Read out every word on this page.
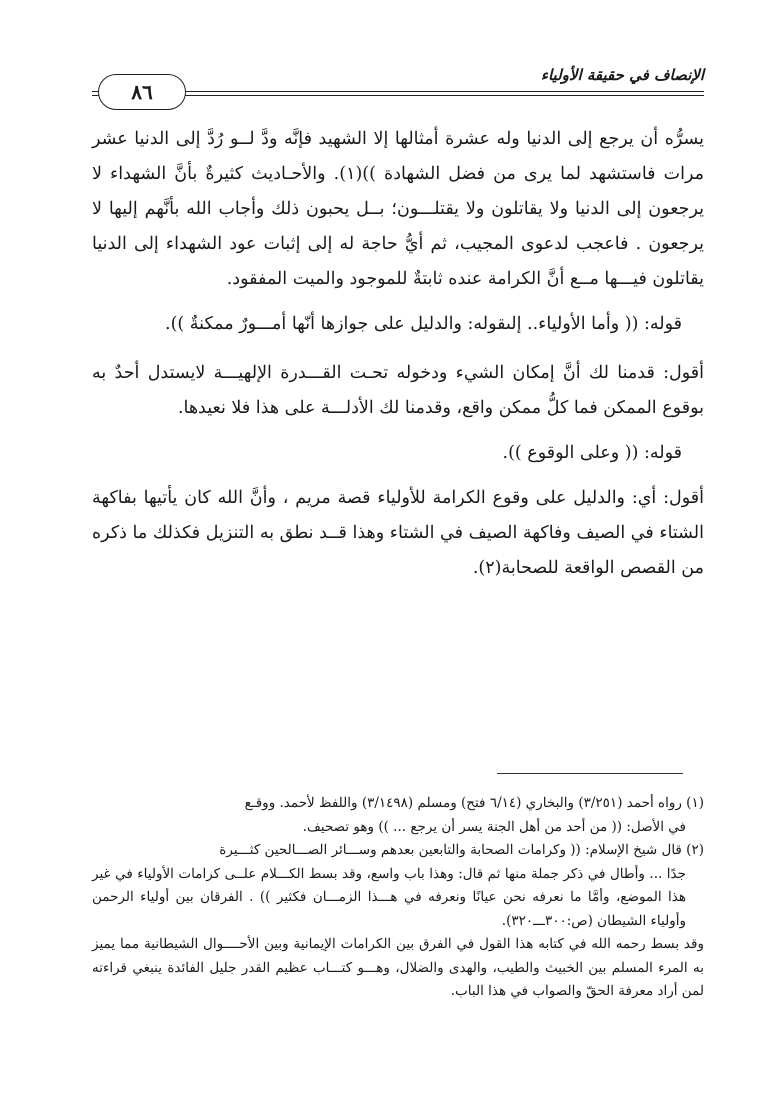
الإنصاف في حقيقة الأولياء
٨٦

يسرُّه أن يرجع إلى الدنيا وله عشرة أمثالها إلا الشهيد فإنَّه ودَّ لــو رُدَّ إلى الدنيا عشر مرات فاستشهد لما يرى من فضل الشهادة ))(١). والأحـاديث كثيرةٌ بأنَّ الشهداء لا يرجعون إلى الدنيا ولا يقاتلون ولا يقتلـــون؛ بــل يحبون ذلك وأجاب الله بأنَّهم إليها لا يرجعون . فاعجب لدعوى المجيب، ثم أيُّ حاجة له إلى إثبات عود الشهداء إلى الدنيا يقاتلون فيـــها مــع أنَّ الكرامة عنده ثابتةٌ للموجود والميت المفقود.

قوله: (( وأما الأولياء.. إلىقوله: والدليل على جوازها أنّها أمـــورٌ ممكنةٌ )).

أقول: قدمنا لك أنَّ إمكان الشيء ودخوله تحـت القـــدرة الإلهيـــة لايستدل أحدٌ به بوقوع الممكن فما كلُّ ممكن واقع، وقدمنا لك الأدلـــة على هذا فلا نعيدها.

قوله: (( وعلى الوقوع )).

أقول: أي: والدليل على وقوع الكرامة للأولياء قصة مريم ، وأنَّ الله كان يأتيها بفاكهة الشتاء في الصيف وفاكهة الصيف في الشتاء وهذا قــد نطق به التنزيل فكذلك ما ذكره من القصص الواقعة للصحابة(٢).

(١) رواه أحمد (٣/٢٥١) والبخاري (٦/١٤ فتح) ومسلم (٣/١٤٩٨) واللفظ لأحمد. ووقـع

في الأصل: (( من أحد من أهل الجنة يسر أن يرجع ... )) وهو تصحيف.

(٢) قال شيخ الإسلام: (( وكرامات الصحابة والتابعين بعدهم وســـائر الصـــالحين كثـــيرة

جدًا ... وأطال في ذكر جملة منها ثم قال: وهذا باب واسع، وقد بسط الكـــلام علــى كرامات الأولياء في غير هذا الموضع، وأمَّا ما نعرفه نحن عيانًا ونعرفه في هـــذا الزمـــان فكثير )) . الفرقان بين أولياء الرحمن وأولياء الشيطان (ص:٣٠٠ـــ٣٢٠).

وقد بسط رحمه الله في كتابه هذا القول في الفرق بين الكرامات الإيمانية وبين الأحــــوال الشيطانية مما يميز به المرء المسلم بين الخبيث والطيب، والهدى والضلال، وهـــو كتـــاب عظيم القدر جليل الفائدة ينبغي قراءته لمن أراد معرفة الحقّ والصواب في هذا الباب.
